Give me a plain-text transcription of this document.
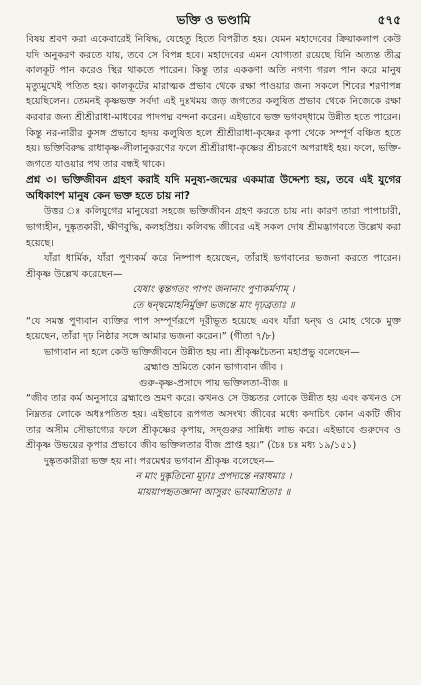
ভক্তি ও ভণ্ডামি	৫৭৫

বিষয় শ্রবণ করা একেবারেই নিষিদ্ধ, যেহেতু হিতে বিপরীত হয়। যেমন মহাদেবের ক্রিয়াকলাপ কেউ যদি অনুকরণ করতে যায়, তবে সে বিপন্ন হবে। মহাদেবের এমন যোগ্যতা রয়েছে যিনি অত্যন্ত তীব্র কালকূট পান করেও স্থির থাকতে পারেন। কিন্তু তার এককণা অতি নগণ্য গরল পান করে মানুষ মৃত্যুমুখেই পতিত হয়। কালকূটের মারাত্মক প্রভাব থেকে রক্ষা পাওয়ার জন্য সকলে শিবের শরণাপন্ন হয়েছিলেন। তেমনই কৃষ্ণভক্ত সর্বদা এই দুঃখময় জড় জগতের কলুষিত প্রভাব থেকে নিজেকে রক্ষা করবার জন্য শ্রীশ্রীরাধা-মাধবের পাদপদ্ম বন্দনা করেন। এইভাবে ভক্ত ভগবদ্‌ধামে উন্নীত হতে পারেন। কিন্তু নর-নারীর কুসঙ্গ প্রভাবে হৃদয় কলুষিত হলে শ্রীশ্রীরাধা-কৃষ্ণের কৃপা থেকে সম্পূর্ণ বঞ্চিত হতে হয়। ভক্তিবিরুদ্ধ রাধাকৃষ্ণ-লীলানুকরণের ফলে শ্রীশ্রীরাধা-কৃষ্ণের শ্রীচরণে অপরাধই হয়। ফলে, ভক্তি-জগতে যাওয়ার পথ তার বন্ধই থাকে।

প্রশ্ন ৩। ভক্তিজীবন গ্রহণ করাই যদি মনুষ্য-জন্মের একমাত্র উদ্দেশ্য হয়, তবে এই যুগের অধিকাংশ মানুষ কেন ভক্ত হতে চায় না?

উত্তর ঃ কলিযুগের মানুষেরা সহজে ভক্তিজীবন গ্রহণ করতে চায় না। কারণ তারা পাপাচারী, ভাগ্যহীন, দুষ্কৃতকারী, ক্ষীণবুদ্ধি, কলহপ্রিয়। কলিবদ্ধ জীবের এই সকল দোষ শ্রীমদ্ভাগবতে উল্লেখ করা হয়েছে।

যাঁরা ধার্মিক, যাঁরা পুণ্যকর্ম করে নিষ্পাপ হয়েছেন, তাঁরাই ভগবানের ভজনা করতে পারেন। শ্রীকৃষ্ণ উল্লেখ করেছেন—

যেষাং ত্বন্তগতং পাপং জনানাং পুণ্যকর্মণাম্ ।

তে দ্বন্দ্বমোহনির্মুক্তা ভজন্তে মাং দৃঢ়ব্রতাঃ ॥

“যে সমস্ত পুণ্যবান ব্যক্তির পাপ সম্পূর্ণরূপে দূরীভূত হয়েছে এবং যাঁরা দ্বন্দ্ব ও মোহ থেকে মুক্ত হয়েছেন, তাঁরা দৃঢ় নিষ্ঠার সঙ্গে আমার ভজনা করেন।” (গীতা ৭/৮)

ভাগ্যবান না হলে কেউ ভক্তিজীবনে উন্নীত হয় না। শ্রীকৃষ্ণচৈতন্য মহাপ্রভু বলেছেন—

ব্রহ্মাণ্ড ভ্রমিতে কোন ভাগ্যবান জীব ।

গুরু-কৃষ্ণ-প্রসাদে পায় ভক্তিলতা-বীজ ॥

“জীব তার কর্ম অনুসারে ব্রহ্মাণ্ডে ভ্রমণ করে। কখনও সে উচ্চতর লোকে উন্নীত হয় এবং কখনও সে নিম্নতর লোকে অধঃপতিত হয়। এইভাবে রূপগত অসংখ্য জীবের মধ্যে কদাচিৎ কোন একটি জীব তার অসীম সৌভাগ্যের ফলে শ্রীকৃষ্ণের কৃপায়, সদ্গুরুর সান্নিধ্য লাভ করে। এইভাবে গুরুদেব ও শ্রীকৃষ্ণ উভয়ের কৃপার প্রভাবে জীব ভক্তিলতার বীজ প্রাপ্ত হয়।” (চৈঃ চঃ মধ্য ১৯/১৫১)

দুষ্কৃতকারীরা ভক্ত হয় না। পরমেশ্বর ভগবান শ্রীকৃষ্ণ বলেছেন—

ন মাং দুষ্কৃতিনো মূঢ়াঃ প্রপদ্যন্তে নরাধমাঃ ।

মায়য়াপহৃতজ্ঞানা আসুরং ভাবমাশ্রিতাঃ ॥
